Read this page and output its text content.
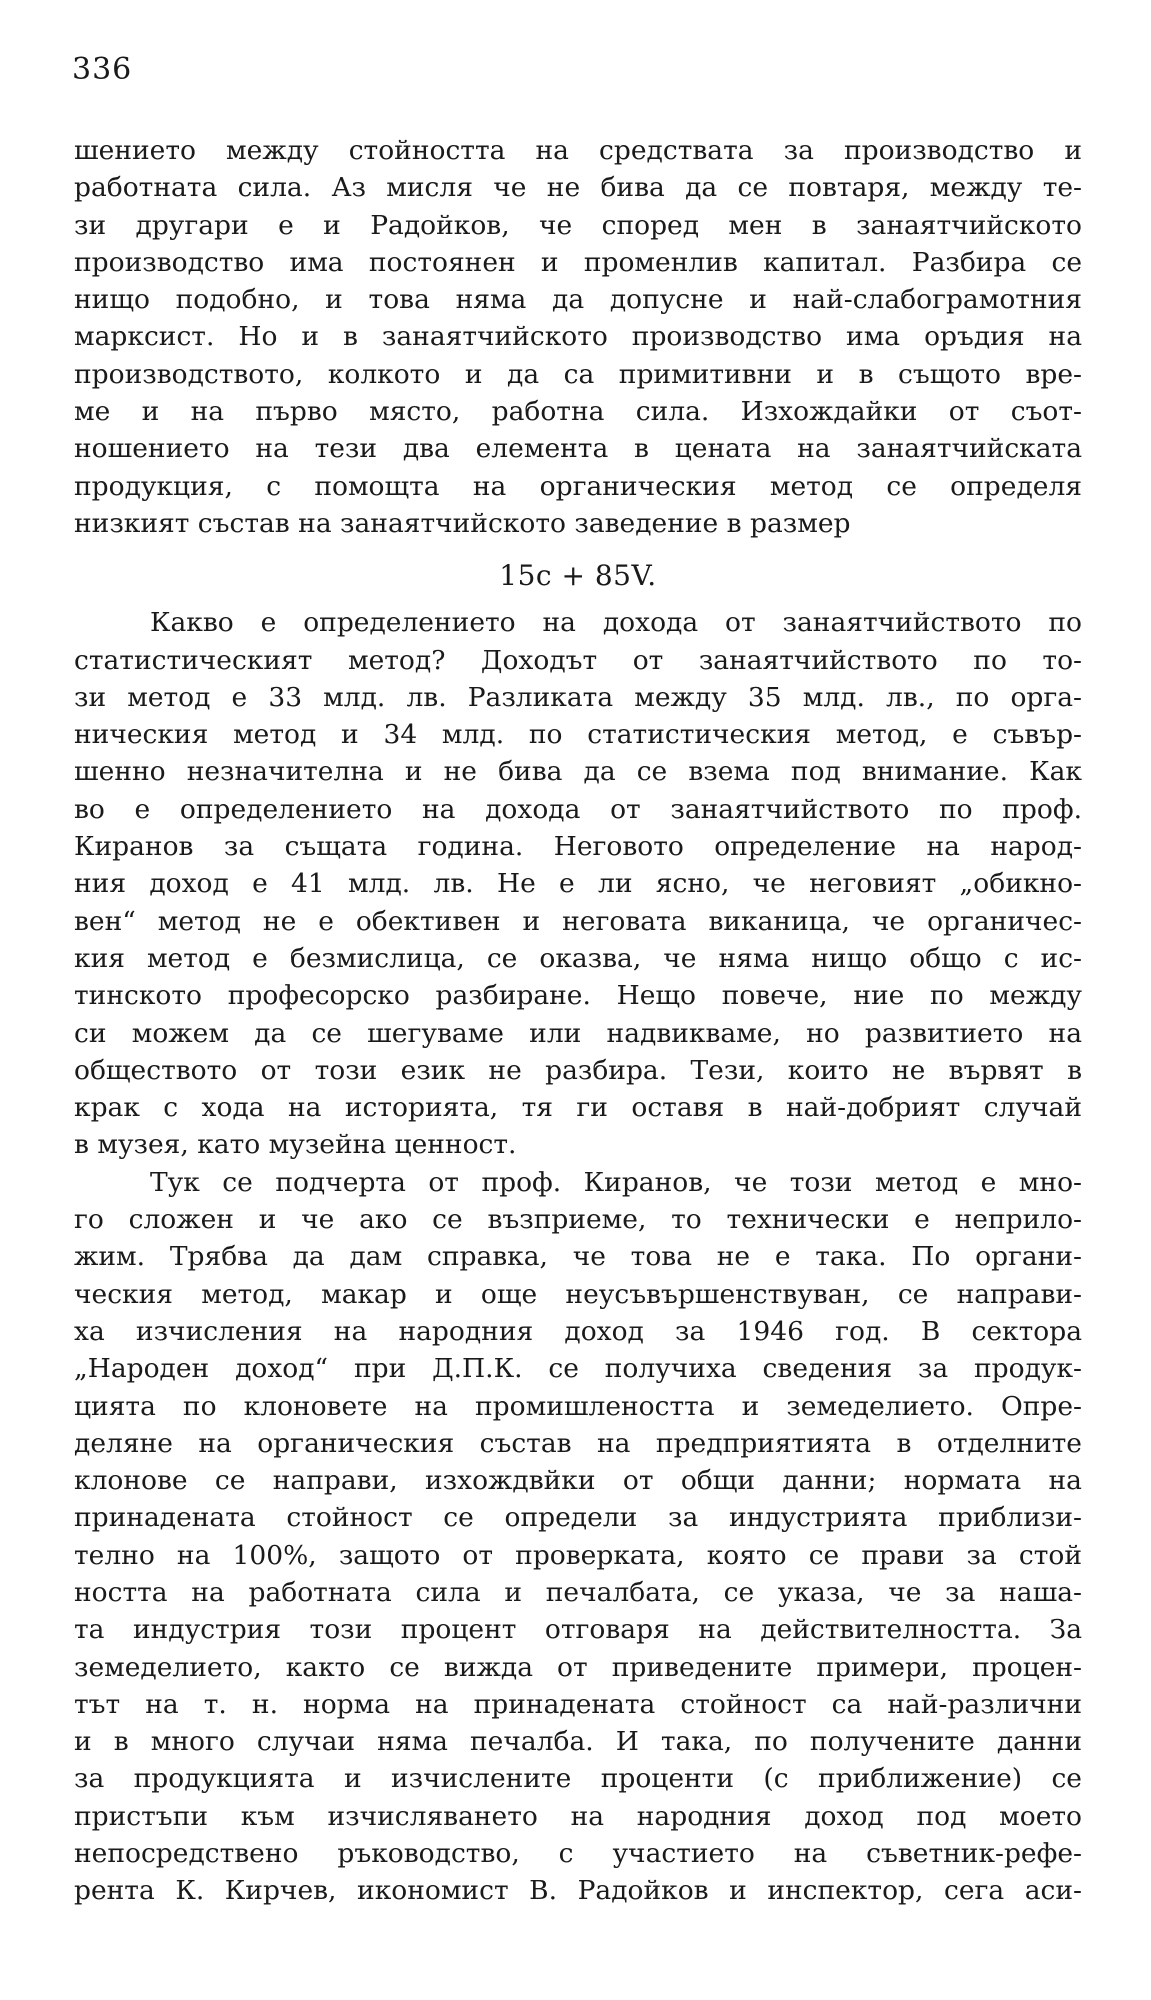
336
шението между стойността на средствата за производство и
работната сила. Аз мисля че не бива да се повтаря, между те-
зи другари е и Радойков, че според мен в занаятчийското
производство има постоянен и променлив капитал. Разбира се
нищо подобно, и това няма да допусне и най-слабограмотния
марксист. Но и в занаятчийското производство има оръдия на
производството, колкото и да са примитивни и в същото вре-
ме и на първо място, работна сила. Изхождайки от съот-
ношението на тези два елемента в цената на занаятчийската
продукция, с помощта на органическия метод се определя
низкият състав на занаятчийското заведение в размер
15c + 85V.
Какво е определението на дохода от занаятчийството по
статистическият метод? Доходът от занаятчийството по то-
зи метод е 33 млд. лв. Разликата между 35 млд. лв., по орга-
ническия метод и 34 млд. по статистическия метод, е съвър-
шенно незначителна и не бива да се взема под внимание. Как
во е определението на дохода от занаятчийството по проф.
Киранов за същата година. Неговото определение на народ-
ния доход е 41 млд. лв. Не е ли ясно, че неговият „обикно-
вен“ метод не е обективен и неговата виканица, че органичес-
кия метод е безмислица, се оказва, че няма нищо общо с ис-
тинското професорско разбиране. Нещо повече, ние по между
си можем да се шегуваме или надвикваме, но развитието на
обществото от този език не разбира. Тези, които не вървят в
крак с хода на историята, тя ги оставя в най-добрият случай
в музея, като музейна ценност.
Тук се подчерта от проф. Киранов, че този метод е мно-
го сложен и че ако се възприеме, то технически е неприло-
жим. Трябва да дам справка, че това не е така. По органи-
ческия метод, макар и още неусъвършенствуван, се направи-
ха изчисления на народния доход за 1946 год. В сектора
„Народен доход“ при Д.П.К. се получиха сведения за продук-
цията по клоновете на промишлеността и земеделието. Опре-
деляне на органическия състав на предприятията в отделните
клонове се направи, изхождвйки от общи данни; нормата на
принадената стойност се определи за индустрията приблизи-
телно на 100%, защото от проверката, която се прави за стой
ността на работната сила и печалбата, се указа, че за наша-
та индустрия този процент отговаря на действителността. За
земеделието, както се вижда от приведените примери, процен-
тът на т. н. норма на принадената стойност са най-различни
и в много случаи няма печалба. И така, по получените данни
за продукцията и изчислените проценти (с приближение) се
пристъпи към изчисляването на народния доход под моето
непосредствено ръководство, с участието на съветник-рефе-
рента К. Кирчев, икономист В. Радойков и инспектор, сега аси-
